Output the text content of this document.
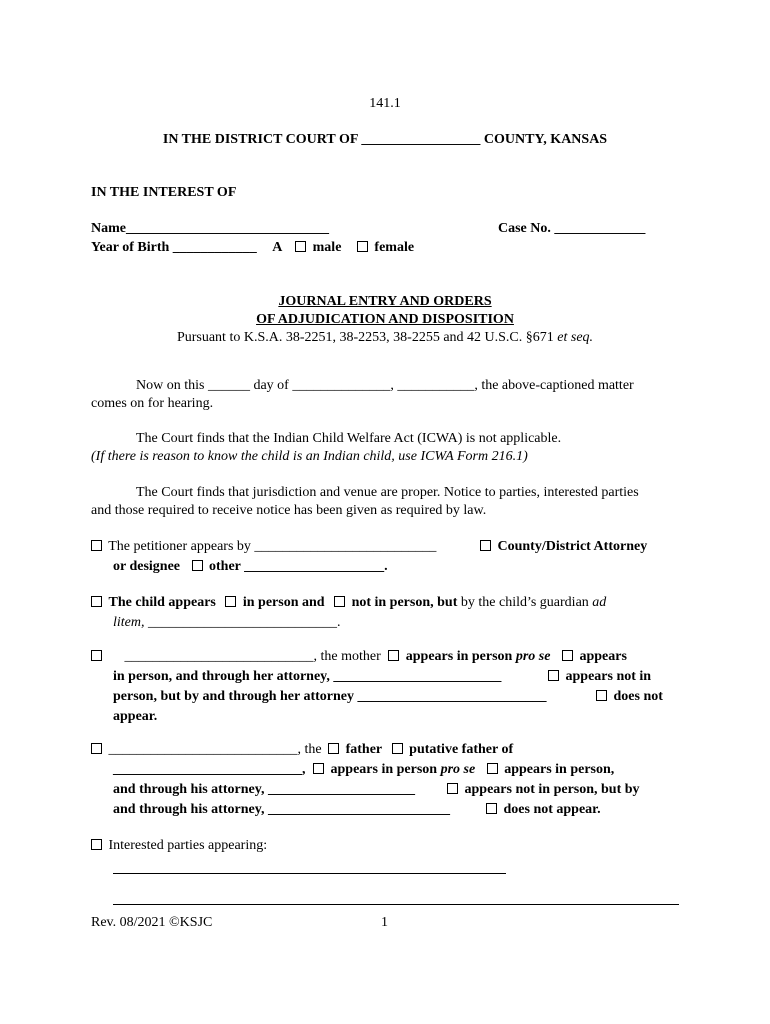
141.1
IN THE DISTRICT COURT OF _________________ COUNTY, KANSAS
IN THE INTEREST OF
Name_____________________________	Case No. _____________
Year of Birth ____________ A male female
JOURNAL ENTRY AND ORDERS
OF ADJUDICATION AND DISPOSITION
Pursuant to K.S.A. 38-2251, 38-2253, 38-2255 and 42 U.S.C. §671 et seq.
Now on this ______ day of ______________, ___________, the above-captioned matter
comes on for hearing.
The Court finds that the Indian Child Welfare Act (ICWA) is not applicable.
(If there is reason to know the child is an Indian child, use ICWA Form 216.1)
The Court finds that jurisdiction and venue are proper. Notice to parties, interested parties
and those required to receive notice has been given as required by law.
The petitioner appears by __________________________	County/District Attorney
or designee other ____________________.
The child appears in person and not in person, but by the child’s guardian ad
litem, ___________________________.
___________________________, the mother appears in person pro se appears
in person, and through her attorney, ________________________	appears not in
person, but by and through her attorney ___________________________	does not
appear.
___________________________, the father putative father of
___________________________, appears in person pro se appears in person,
and through his attorney, _____________________	appears not in person, but by
and through his attorney, __________________________	does not appear.
Interested parties appearing:
Rev. 08/2021 ©KSJC	1
